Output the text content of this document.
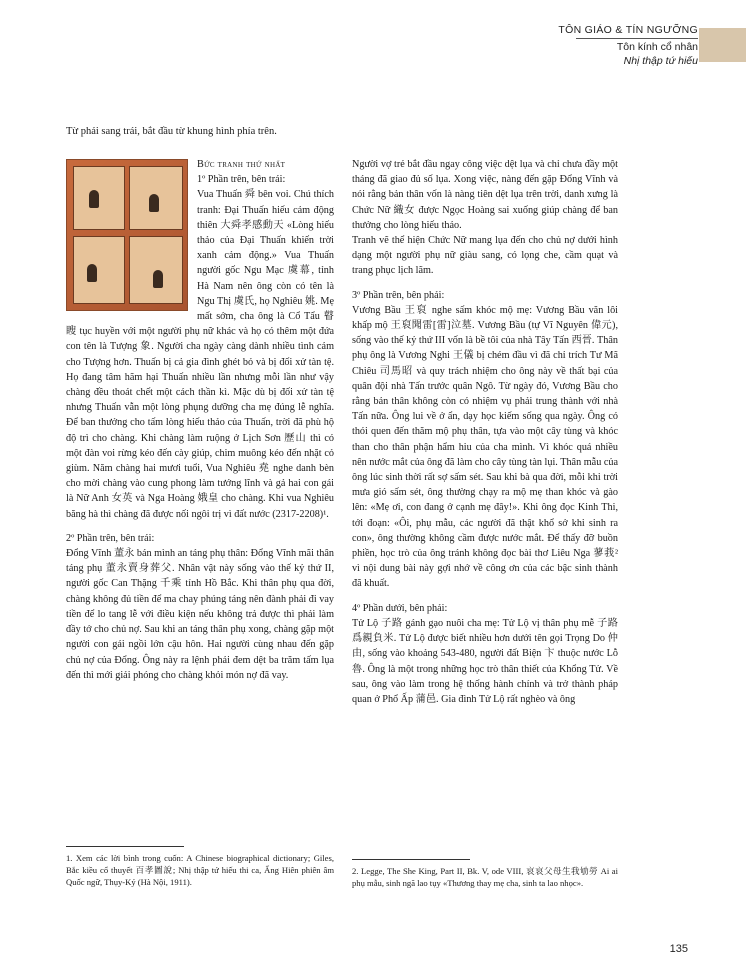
TÔN GIÁO & TÍN NGƯỠNG
Tôn kính cổ nhân
Nhị thập tứ hiếu
Từ phải sang trái, bắt đầu từ khung hình phía trên.

Bức tranh thứ nhất

1º Phần trên, bên trái:

Vua Thuấn 舜 bên voi. Chú thích tranh: Đại Thuấn hiếu cảm động thiên 大舜孝感動天 «Lòng hiếu thảo của Đại Thuấn khiến trời xanh cảm động.» Vua Thuấn người gốc Ngu Mạc 虞幕, tỉnh Hà Nam nên ông còn có tên là Ngu Thị 虞氏, họ Nghiêu 姚. Mẹ mất sớm, cha ông là Cổ Tẩu 瞽瞍 tục huyền với một người phụ nữ khác và họ có thêm một đứa con tên là Tượng 象. Người cha ngày càng dành nhiều tình cảm cho Tượng hơn. Thuấn bị cả gia đình ghét bỏ và bị đối xử tàn tệ. Họ đang tâm hãm hại Thuấn nhiều lần nhưng mỗi lần như vậy chàng đều thoát chết một cách thần kì. Mặc dù bị đối xử tàn tệ nhưng Thuấn vẫn một lòng phụng dưỡng cha mẹ đúng lễ nghĩa. Để ban thưởng cho tấm lòng hiếu thảo của Thuấn, trời đã phù hộ độ trì cho chàng. Khi chàng làm ruộng ở Lịch Sơn 歷山 thì có một đàn voi rừng kéo đến cày giúp, chim muông kéo đến nhặt cỏ giùm. Năm chàng hai mươi tuổi, Vua Nghiêu 堯 nghe danh bèn cho mời chàng vào cung phong làm tướng lĩnh và gả hai con gái là Nữ Anh 女英 và Nga Hoàng 娥皇 cho chàng. Khi vua Nghiêu băng hà thì chàng đã được nối ngôi trị vì đất nước (2317-2208)¹.

2º Phần trên, bên trái:

Đổng Vĩnh 董永 bán mình an táng phụ thân: Đổng Vĩnh mãi thân táng phụ 董永賣身葬父. Nhân vật này sống vào thế kỷ thứ II, người gốc Can Thặng 千乘 tỉnh Hồ Bắc. Khi thân phụ qua đời, chàng không đủ tiền để ma chay phúng táng nên đành phải đi vay tiền để lo tang lễ với điều kiện nếu không trả được thì phải làm đầy tớ cho chủ nợ. Sau khi an táng thân phụ xong, chàng gặp một người con gái ngồi lớn cậu hôn. Hai người cùng nhau đến gặp chủ nợ của Đổng. Ông này ra lệnh phải đem dệt ba trăm tấm lụa đến thì mới giải phóng cho chàng khỏi món nợ đã vay.

Người vợ trẻ bắt đầu ngay công việc dệt lụa và chỉ chưa đầy một tháng đã giao đủ số lụa. Xong việc, nàng đến gặp Đổng Vĩnh và nói rằng bản thân vốn là nàng tiên dệt lụa trên trời, danh xưng là Chức Nữ 織女 được Ngọc Hoàng sai xuống giúp chàng để ban thưởng cho lòng hiếu thảo.

Tranh vẽ thể hiện Chức Nữ mang lụa đến cho chủ nợ dưới hình dạng một người phụ nữ giàu sang, có lọng che, cầm quạt và trang phục lịch lãm.

3º Phần trên, bên phải:

Vương Bầu 王裒 nghe sấm khóc mộ mẹ: Vương Bầu văn lôi khấp mộ 王裒聞雷[雷]泣墓. Vương Bầu (tự Vĩ Nguyên 偉元), sống vào thế kỷ thứ III vốn là bề tôi của nhà Tây Tấn 西晉. Thân phụ ông là Vương Nghi 王儀 bị chém đầu vì đã chỉ trích Tư Mã Chiêu 司馬昭 và quy trách nhiệm cho ông này về thất bại của quân đội nhà Tấn trước quân Ngô. Từ ngày đó, Vương Bầu cho rằng bản thân không còn có nhiệm vụ phải trung thành với nhà Tấn nữa. Ông lui về ở ẩn, dạy học kiếm sống qua ngày. Ông có thói quen đến thăm mộ phụ thân, tựa vào một cây tùng và khóc than cho thân phận hẩm hiu của cha mình. Vì khóc quá nhiều nên nước mắt của ông đã làm cho cây tùng tàn lụi. Thân mẫu của ông lúc sinh thời rất sợ sấm sét. Sau khi bà qua đời, mỗi khi trời mưa gió sấm sét, ông thường chạy ra mộ mẹ than khóc và gào lên: «Mẹ ơi, con đang ở cạnh mẹ đây!». Khi ông đọc Kinh Thi, tới đoạn: «Ôi, phụ mẫu, các người đã thật khổ sở khi sinh ra con», ông thường không cầm được nước mắt. Để thấy đỡ buồn phiền, học trò của ông tránh không đọc bài thơ Liêu Nga 蓼莪² vì nội dung bài này gợi nhớ về công ơn của các bậc sinh thành đã khuất.

4º Phần dưới, bên phải:

Tử Lộ 子路 gánh gạo nuôi cha mẹ: Tử Lộ vị thân phụ mễ 子路爲親負米. Tử Lộ được biết nhiều hơn dưới tên gọi Trọng Do 仲由, sống vào khoảng 543-480, người đất Biện 卞 thuộc nước Lỗ 魯. Ông là một trong những học trò thân thiết của Khổng Tử. Về sau, ông vào làm trong hệ thống hành chính và trở thành pháp quan ở Phổ Ấp 蒲邑. Gia đình Tử Lộ rất nghèo và ông

1. Xem các lời bình trong cuốn: A Chinese biographical dictionary; Giles, Bắc kiều cổ thuyết 百孝圖說; Nhị thập tứ hiếu thi ca, Ấng Hiên phiên âm Quốc ngữ, Thụy-Ký (Hà Nội, 1911).
2. Legge, The She King, Part II, Bk. V, ode VIII, 哀哀父母生我劬勞 Ai ai phụ mẫu, sinh ngã lao tụy «Thương thay mẹ cha, sinh ta lao nhọc».
135
